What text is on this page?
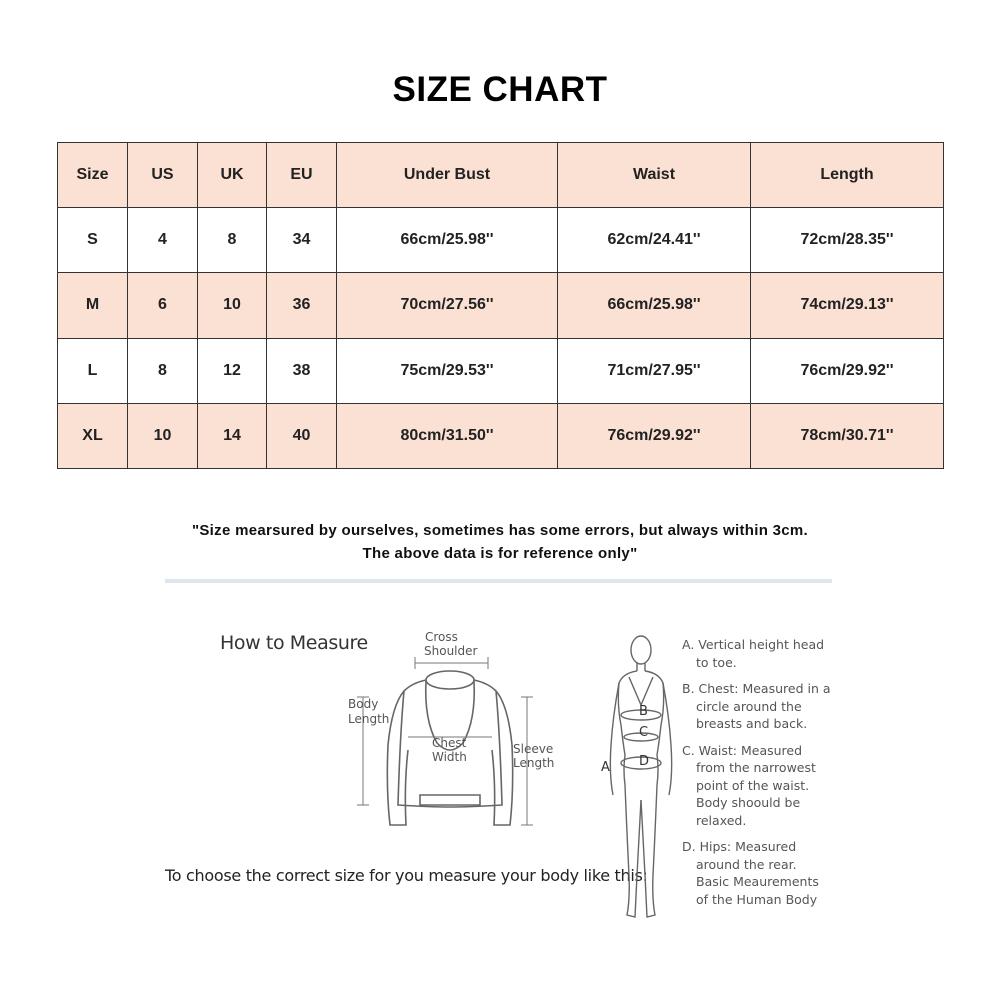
SIZE CHART
Size	US	UK	EU	Under Bust	Waist	Length
S	4	8	34	66cm/25.98''	62cm/24.41''	72cm/28.35''
M	6	10	36	70cm/27.56''	66cm/25.98''	74cm/29.13''
L	8	12	38	75cm/29.53''	71cm/27.95''	76cm/29.92''
XL	10	14	40	80cm/31.50''	76cm/29.92''	78cm/30.71''
"Size mearsured by ourselves, sometimes has some errors, but always within 3cm.
The above data is for reference only"
How to Measure	Cross
Shoulder
Body
Length
Chest
Width
Sleeve
Length
To choose the correct size for you measure your body like this:
A
B
C
D
A. Vertical height head
to toe.
B. Chest: Measured in a
circle around the
breasts and back.
C. Waist: Measured
from the narrowest
point of the waist.
Body shoould be
relaxed.
D. Hips: Measured
around the rear.
Basic Meaurements
of the Human Body
